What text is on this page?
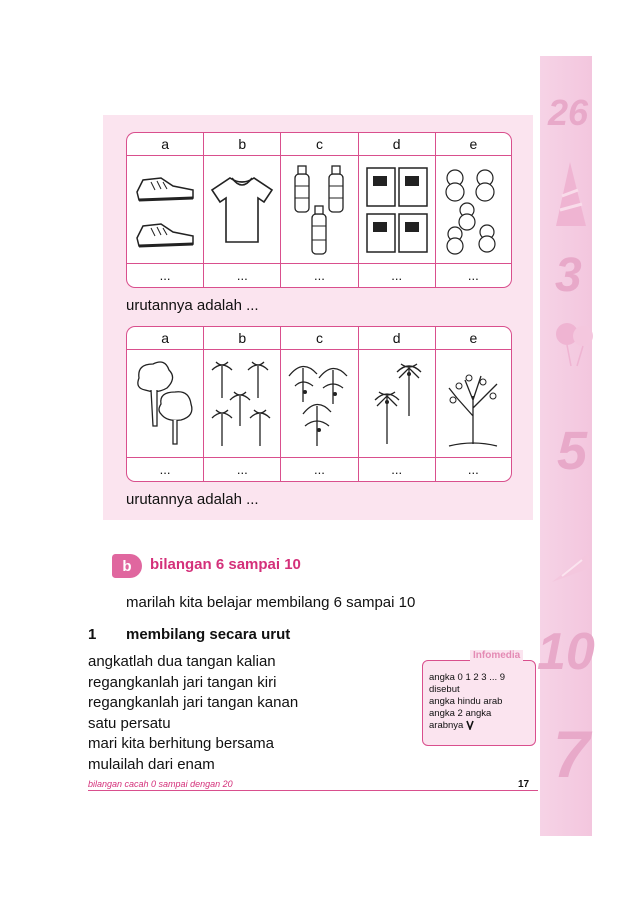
26
3
5
10
7
a	b	c	d	e
...	...	...	...	...
urutannya adalah ...
a	b	c	d	e
...	...	...	...	...
urutannya adalah ...
b	bilangan 6 sampai 10
marilah kita belajar membilang 6 sampai 10
1 membilang secara urut
angkatlah dua tangan kalian
regangkanlah jari tangan kiri
regangkanlah jari tangan kanan
satu persatu
mari kita berhitung bersama
mulailah dari enam
Infomedia
angka 0 1 2 3 ... 9
disebut
angka hindu arab
angka 2 angka
arabnya
bilangan cacah 0 sampai dengan 20	17
